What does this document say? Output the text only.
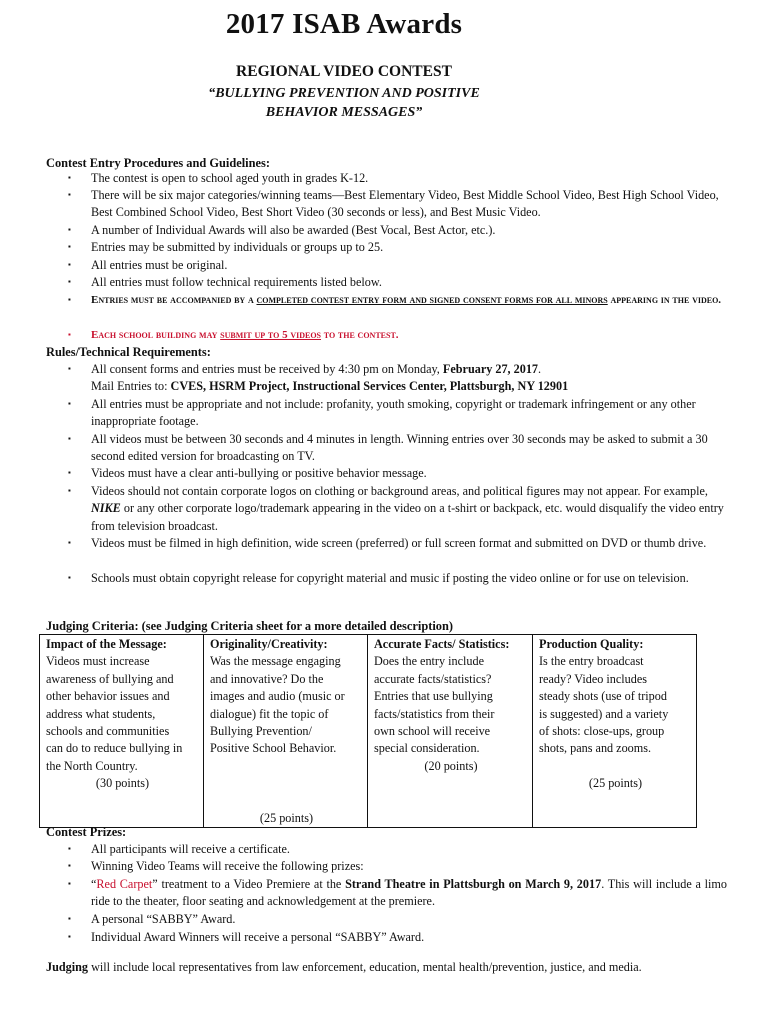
2017 ISAB Awards
REGIONAL VIDEO CONTEST
“BULLYING PREVENTION AND POSITIVE
BEHAVIOR MESSAGES”
Contest Entry Procedures and Guidelines:
▪	The contest is open to school aged youth in grades K-12.
▪	There will be six major categories/winning teams—Best Elementary Video, Best Middle School Video, Best High School Video, Best Combined School Video, Best Short Video (30 seconds or less), and Best Music Video.
▪	A number of Individual Awards will also be awarded (Best Vocal, Best Actor, etc.).
▪	Entries may be submitted by individuals or groups up to 25.
▪	All entries must be original.
▪	All entries must follow technical requirements listed below.
▪	Entries must be accompanied by a completed contest entry form and signed consent forms for all minors appearing in the video.
▪	Each school building may submit up to 5 videos to the contest.
Rules/Technical Requirements:
▪	All consent forms and entries must be received by 4:30 pm on Monday, February 27, 2017.
Mail Entries to: CVES, HSRM Project, Instructional Services Center, Plattsburgh, NY 12901
▪	All entries must be appropriate and not include: profanity, youth smoking, copyright or trademark infringement or any other inappropriate footage.
▪	All videos must be between 30 seconds and 4 minutes in length. Winning entries over 30 seconds may be asked to submit a 30 second edited version for broadcasting on TV.
▪	Videos must have a clear anti-bullying or positive behavior message.
▪	Videos should not contain corporate logos on clothing or background areas, and political figures may not appear. For example, NIKE or any other corporate logo/trademark appearing in the video on a t-shirt or backpack, etc. would disqualify the video entry from television broadcast.
▪	Videos must be filmed in high definition, wide screen (preferred) or full screen format and submitted on DVD or thumb drive.
▪	Schools must obtain copyright release for copyright material and music if posting the video online or for use on television.
Judging Criteria: (see Judging Criteria sheet for a more detailed description)
Impact of the Message:
Videos must increase
awareness of bullying and
other behavior issues and
address what students,
schools and communities
can do to reduce bullying in
the North Country.
(30 points)

Originality/Creativity:
Was the message engaging
and innovative? Do the
images and audio (music or
dialogue) fit the topic of
Bullying Prevention/
Positive School Behavior.
(25 points)

Accurate Facts/ Statistics:
Does the entry include
accurate facts/statistics?
Entries that use bullying
facts/statistics from their
own school will receive
special consideration.
(20 points)

Production Quality:
Is the entry broadcast
ready? Video includes
steady shots (use of tripod
is suggested) and a variety
of shots: close-ups, group
shots, pans and zooms.
(25 points)
Contest Prizes:
▪	All participants will receive a certificate.
▪	Winning Video Teams will receive the following prizes:
▪	“Red Carpet” treatment to a Video Premiere at the Strand Theatre in Plattsburgh on March 9, 2017. This will include a limo ride to the theater, floor seating and acknowledgement at the premiere.
▪	A personal “SABBY” Award.
▪	Individual Award Winners will receive a personal “SABBY” Award.
Judging will include local representatives from law enforcement, education, mental health/prevention, justice, and media.
